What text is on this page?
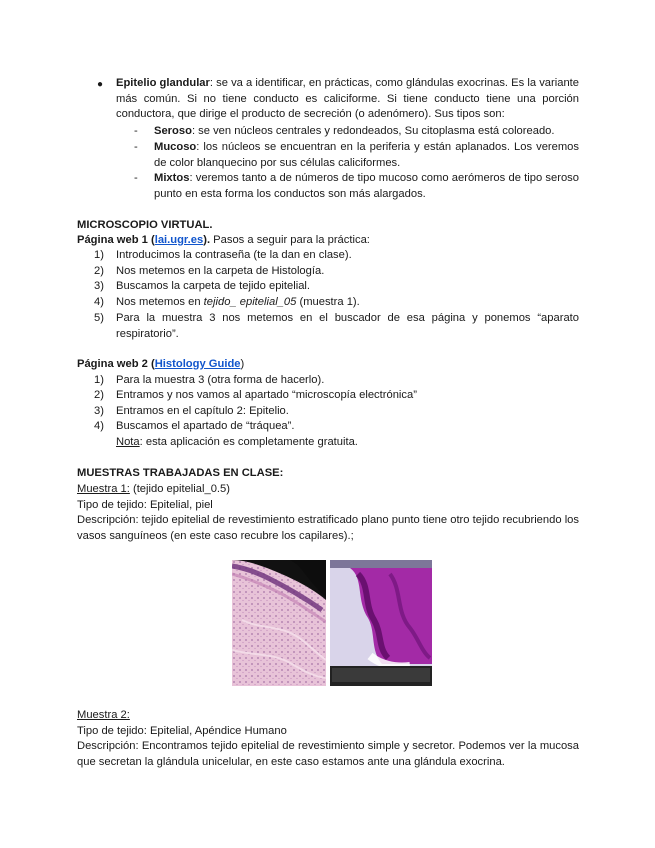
● Epitelio glandular: se va a identificar, en prácticas, como glándulas exocrinas. Es la variante más común. Si no tiene conducto es caliciforme. Si tiene conducto tiene una porción conductora, que dirige el producto de secreción (o adenómero). Sus tipos son:
- Seroso: se ven núcleos centrales y redondeados, Su citoplasma está coloreado.
- Mucoso: los núcleos se encuentran en la periferia y están aplanados. Los veremos de color blanquecino por sus células caliciformes.
- Mixtos: veremos tanto a de números de tipo mucoso como aerómeros de tipo seroso punto en esta forma los conductos son más alargados.
MICROSCOPIO VIRTUAL.
Página web 1 (lai.ugr.es). Pasos a seguir para la práctica:
1)	Introducimos la contraseña (te la dan en clase).
2)	Nos metemos en la carpeta de Histología.
3)	Buscamos la carpeta de tejido epitelial.
4)	Nos metemos en tejido_ epitelial_05 (muestra 1).
5)	Para la muestra 3 nos metemos en el buscador de esa página y ponemos “aparato respiratorio”.
Página web 2 (Histology Guide)
1)	Para la muestra 3 (otra forma de hacerlo).
2)	Entramos y nos vamos al apartado “microscopía electrónica”
3)	Entramos en el capítulo 2: Epitelio.
4)	Buscamos el apartado de “tráquea”.
Nota: esta aplicación es completamente gratuita.
MUESTRAS TRABAJADAS EN CLASE:
Muestra 1: (tejido epitelial_0.5)
Tipo de tejido: Epitelial, piel
Descripción: tejido epitelial de revestimiento estratificado plano punto tiene otro tejido recubriendo los vasos sanguíneos (en este caso recubre los capilares).;
Muestra 2:
Tipo de tejido: Epitelial, Apéndice Humano
Descripción: Encontramos tejido epitelial de revestimiento simple y secretor. Podemos ver la mucosa que secretan la glándula unicelular, en este caso estamos ante una glándula exocrina.
